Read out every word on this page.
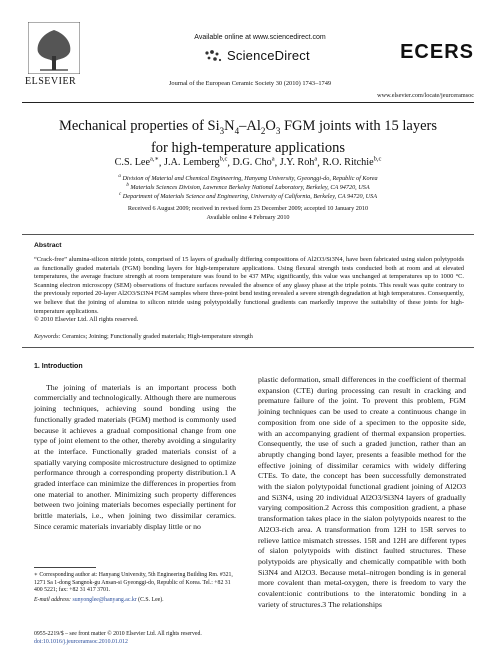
ELSEVIER
Available online at www.sciencedirect.com
ScienceDirect
Journal of the European Ceramic Society 30 (2010) 1743–1749
ECERS
www.elsevier.com/locate/jeurceramsoc
Mechanical properties of $Si_3N_4-Al_2O_3$ FGM joints with 15 layers
for high-temperature applications
C.S. Lee$^{a,∗}$, J.A. Lemberg$^{b,c}$, D.G. Cho$^a$, J.Y. Roh$^a$, R.O. Ritchie$^{b,c}$
$^a$ Division of Material and Chemical Engineering, Hanyang University, Gyeonggi-do, Republic of Korea
$^b$ Materials Sciences Division, Lawrence Berkeley National Laboratory, Berkeley, CA 94720, USA
$^c$ Department of Materials Science and Engineering, University of California, Berkeley, CA 94720, USA
Received 6 August 2009; received in revised form 23 December 2009; accepted 10 January 2010
Available online 4 February 2010
Abstract
“Crack-free” alumina-silicon nitride joints, comprised of 15 layers of gradually differing compositions of Al2O3/Si3N4, have been fabricated using sialon polytypoids as functionally graded materials (FGM) bonding layers for high-temperature applications. Using flexural strength tests conducted both at room and at elevated temperatures, the average fracture strength at room temperature was found to be 437 MPa; significantly, this value was unchanged at temperatures up to 1000 °C. Scanning electron microscopy (SEM) observations of fracture surfaces revealed the absence of any glassy phase at the triple points. This result was quite contrary to the previously reported 20-layer Al2O3/Si3N4 FGM samples where three-point bend testing revealed a severe strength degradation at high temperatures. Consequently, we believe that the joining of alumina to silicon nitride using polytypoidally functional gradients can markedly improve the suitability of these joints for high-temperature applications.
© 2010 Elsevier Ltd. All rights reserved.
Keywords: Ceramics; Joining; Functionally graded materials; High-temperature strength
1. Introduction
The joining of materials is an important process both commercially and technologically. Although there are numerous joining techniques, achieving sound bonding using the functionally graded materials (FGM) method is commonly used because it achieves a gradual compositional change from one type of joint element to the other, thereby avoiding a singularity at the interface. Functionally graded materials consist of a spatially varying composite microstructure designed to optimize performance through a corresponding property distribution.1 A graded interface can minimize the differences in properties from one material to another. Minimizing such property differences between two joining materials becomes especially pertinent for brittle materials, i.e., when joining two dissimilar ceramics. Since ceramic materials invariably display little or no
plastic deformation, small differences in the coefficient of thermal expansion (CTE) during processing can result in cracking and premature failure of the joint. To prevent this problem, FGM joining techniques can be used to create a continuous change in composition from one side of a specimen to the opposite side, with an accompanying gradient of thermal expansion properties. Consequently, the use of such a graded junction, rather than an abruptly changing bond layer, presents a feasible method for the effective joining of dissimilar ceramics with widely differing CTEs. To date, the concept has been successfully demonstrated with the sialon polytypoidal functional gradient joining of Al2O3 and Si3N4, using 20 individual Al2O3/Si3N4 layers of gradually varying composition.2 Across this composition gradient, a phase transformation takes place in the sialon polytypoids nearest to the Al2O3-rich area. A transformation from 12H to 15R serves to relieve lattice mismatch stresses. 15R and 12H are different types of sialon polytypoids with distinct faulted structures. These polytypoids are physically and chemically compatible with both Si3N4 and Al2O3. Because metal–nitrogen bonding is in general more covalent than metal-oxygen, there is freedom to vary the covalent:ionic contributions to the interatomic bonding in a variety of structures.3 The relationships
∗ Corresponding author at: Hanyang University, 5th Engineering Building Rm. #321, 1271 Sa 1-dong Sangnok-gu Ansan-si Gyeonggi-do, Republic of Korea. Tel.: +82 31 400 5221; fax: +82 31 417 3701.
E-mail address: sunyonglee@hanyang.ac.kr (C.S. Lee).
0955-2219/$ – see front matter © 2010 Elsevier Ltd. All rights reserved.
doi:10.1016/j.jeurceramsoc.2010.01.012
